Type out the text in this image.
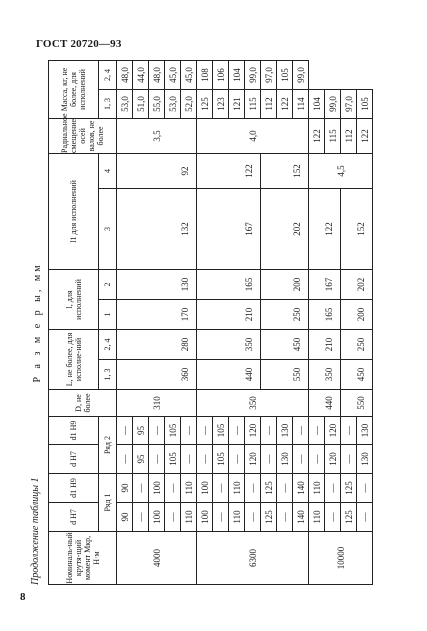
ГОСТ 20720—93
Продолжение таблицы 1
Р а з м е р ы, мм
Номиналь-ный крутя-щий момент Мкр, Н·м	d H7	d1 H9	d H7	d1 H9	D, не более	L, не более, для исполне-ний		l, для исполнений		l1 для исполнений		Радиальное смещение осей валов, не более	Масса, кг, не более, для исполнений	
	Ряд 1		Ряд 2			1, 3	2, 4	1	2	3	4		1, 3	2, 4
4000	90	90	—	—	310	360	280	170	130	132	92	3,5	53,0	48,0
	—	—	95	95									51,0	44,0
	100	100	—	—									55,0	48,0
	—	—	105	105									53,0	45,0
	110	110	—	—									52,0	45,0
6300	100	100	—	—	350	440	350	210	165	167	122	4,0	125	108
	—	—	105	105									123	106
	110	110	—	—									121	104
	—	—	120	120									115	99,0
	125	125	—	—		550	450	250	200	202	152		112	97,0
	—	—	130	130									122	105
	140	140	—	—									114	99,0
10000	110	110	—	—	440	350	210	165	167	122	4,5	122	104	
	—	—	120	120								115	99,0	
	125	125	—	—	550	450	250	200	202	152		112	97,0	
	—	—	130	130								122	105	
8
